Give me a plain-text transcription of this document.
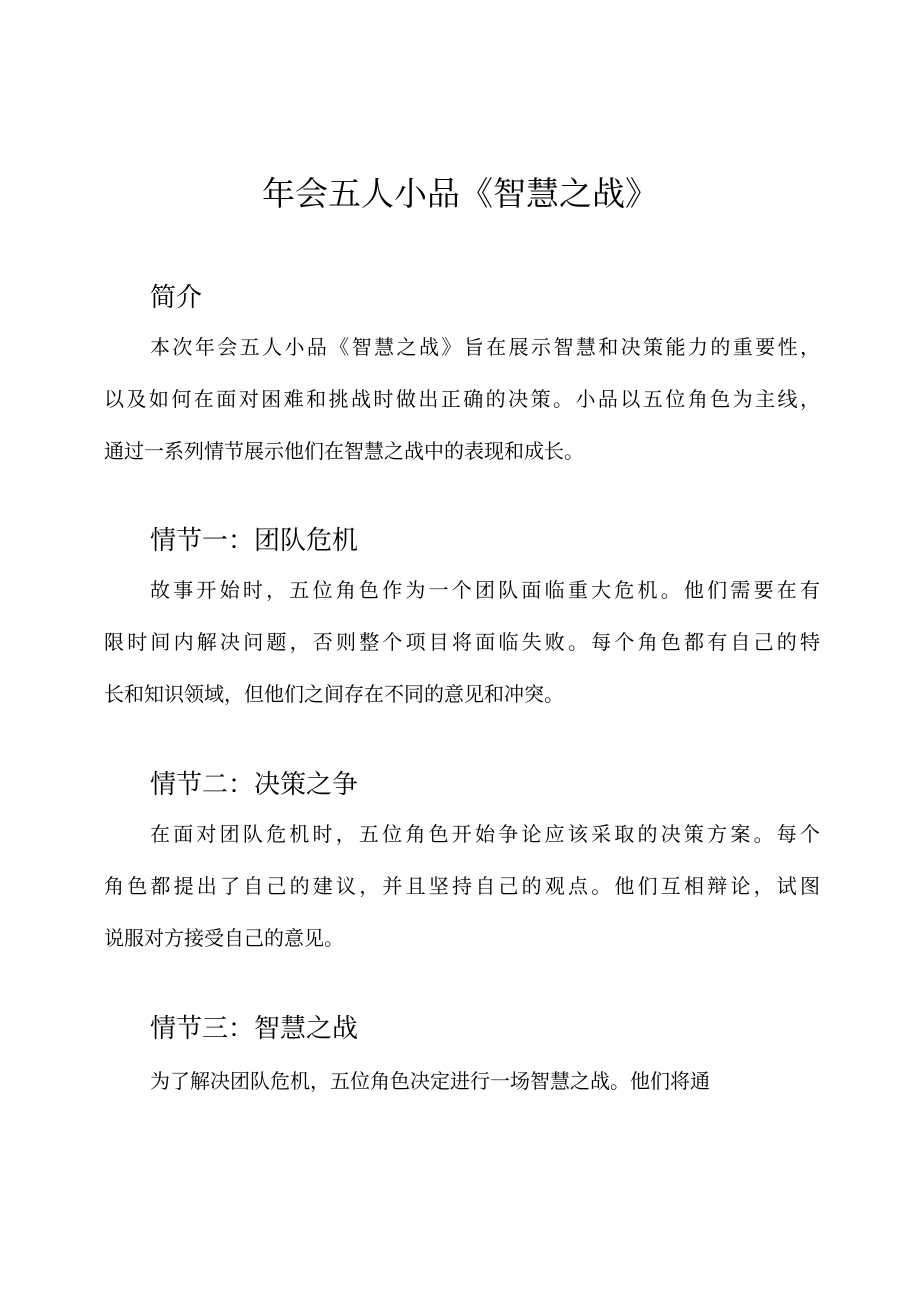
年会五人小品《智慧之战》
简介

本次年会五人小品《智慧之战》旨在展示智慧和决策能力的重要性，
以及如何在面对困难和挑战时做出正确的决策。小品以五位角色为主线，
通过一系列情节展示他们在智慧之战中的表现和成长。

情节一：团队危机

故事开始时，五位角色作为一个团队面临重大危机。他们需要在有
限时间内解决问题，否则整个项目将面临失败。每个角色都有自己的特
长和知识领域，但他们之间存在不同的意见和冲突。

情节二：决策之争

在面对团队危机时，五位角色开始争论应该采取的决策方案。每个
角色都提出了自己的建议，并且坚持自己的观点。他们互相辩论，试图
说服对方接受自己的意见。

情节三：智慧之战

为了解决团队危机，五位角色决定进行一场智慧之战。他们将通
